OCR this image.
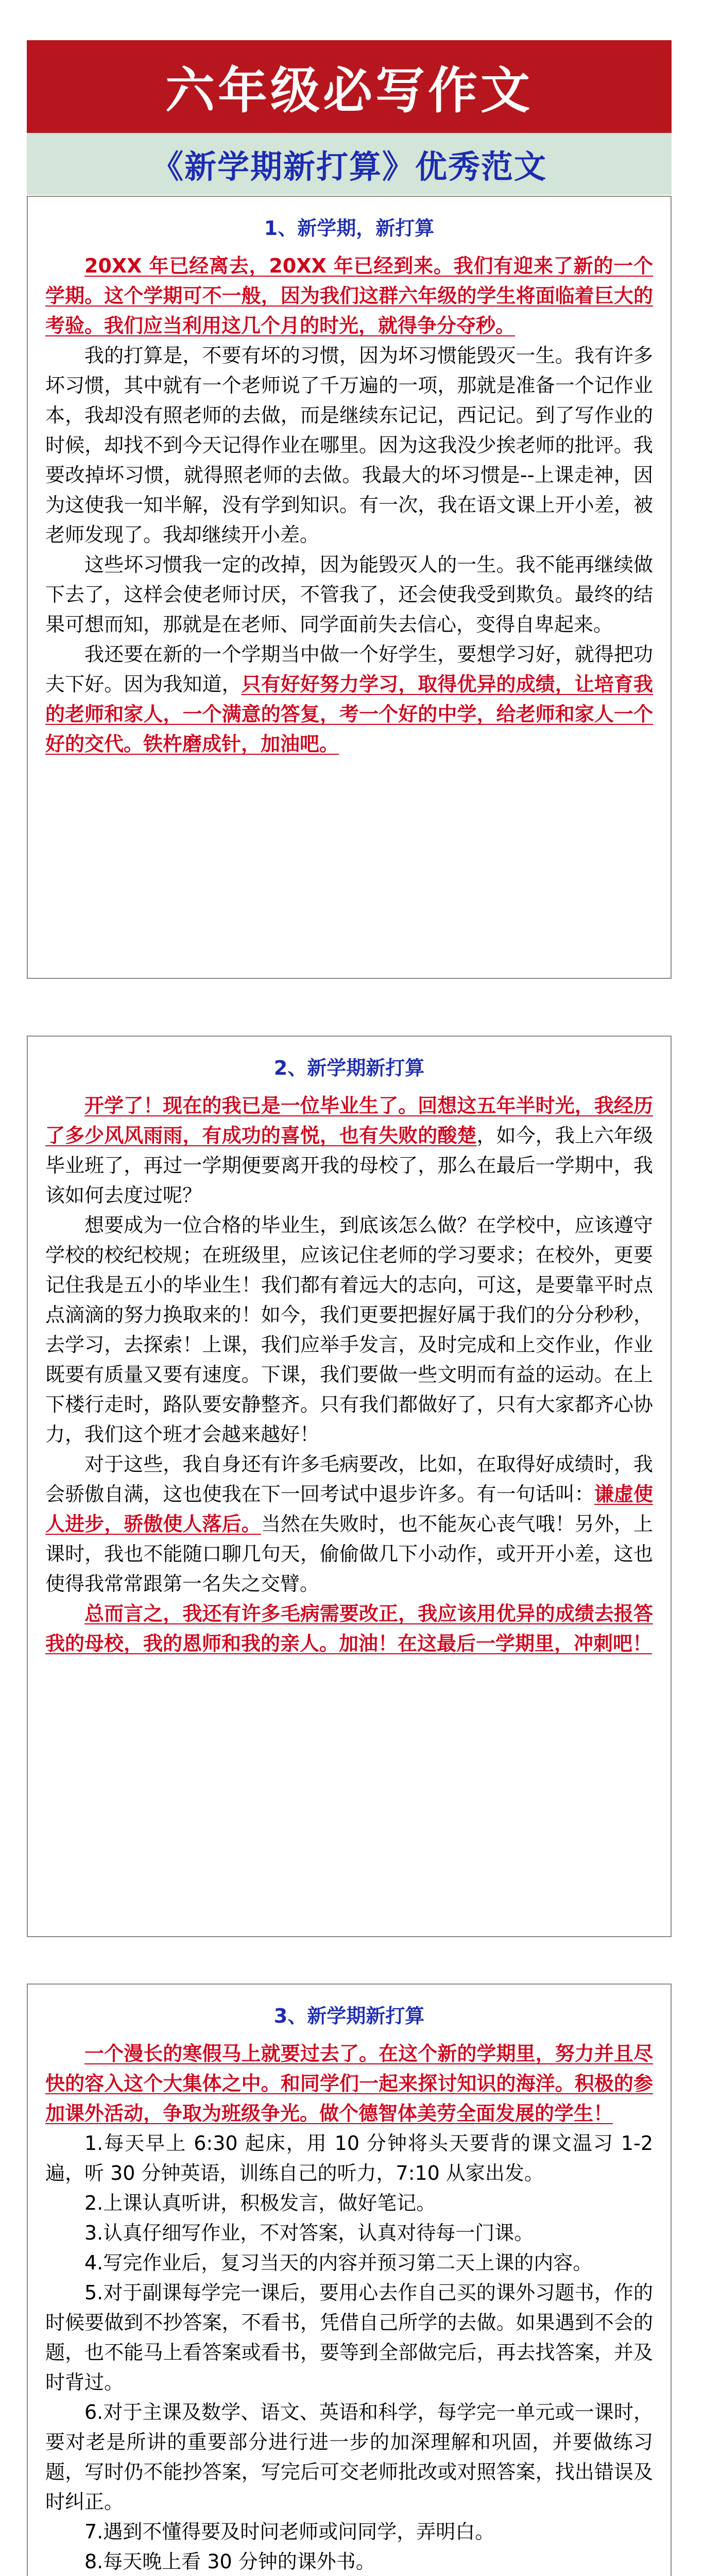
六年级必写作文
《新学期新打算》优秀范文
1、新学期，新打算

20XX 年已经离去，20XX 年已经到来。我们有迎来了新的一个学期。这个学期可不一般，因为我们这群六年级的学生将面临着巨大的考验。我们应当利用这几个月的时光，就得争分夺秒。

我的打算是，不要有坏的习惯，因为坏习惯能毁灭一生。我有许多坏习惯，其中就有一个老师说了千万遍的一项，那就是准备一个记作业本，我却没有照老师的去做，而是继续东记记，西记记。到了写作业的时候，却找不到今天记得作业在哪里。因为这我没少挨老师的批评。我要改掉坏习惯，就得照老师的去做。我最大的坏习惯是--上课走神，因为这使我一知半解，没有学到知识。有一次，我在语文课上开小差，被老师发现了。我却继续开小差。

这些坏习惯我一定的改掉，因为能毁灭人的一生。我不能再继续做下去了，这样会使老师讨厌，不管我了，还会使我受到欺负。最终的结果可想而知，那就是在老师、同学面前失去信心，变得自卑起来。

我还要在新的一个学期当中做一个好学生，要想学习好，就得把功夫下好。因为我知道，只有好好努力学习，取得优异的成绩，让培育我的老师和家人，一个满意的答复，考一个好的中学，给老师和家人一个好的交代。铁杵磨成针，加油吧。

2、新学期新打算

开学了！现在的我已是一位毕业生了。回想这五年半时光，我经历了多少风风雨雨，有成功的喜悦，也有失败的酸楚，如今，我上六年级毕业班了，再过一学期便要离开我的母校了，那么在最后一学期中，我该如何去度过呢？

想要成为一位合格的毕业生，到底该怎么做？在学校中，应该遵守学校的校纪校规；在班级里，应该记住老师的学习要求；在校外，更要记住我是五小的毕业生！我们都有着远大的志向，可这，是要靠平时点点滴滴的努力换取来的！如今，我们更要把握好属于我们的分分秒秒，去学习，去探索！上课，我们应举手发言，及时完成和上交作业，作业既要有质量又要有速度。下课，我们要做一些文明而有益的运动。在上下楼行走时，路队要安静整齐。只有我们都做好了，只有大家都齐心协力，我们这个班才会越来越好！

对于这些，我自身还有许多毛病要改，比如，在取得好成绩时，我会骄傲自满，这也使我在下一回考试中退步许多。有一句话叫：谦虚使人进步，骄傲使人落后。当然在失败时，也不能灰心丧气哦！另外，上课时，我也不能随口聊几句天，偷偷做几下小动作，或开开小差，这也使得我常常跟第一名失之交臂。

总而言之，我还有许多毛病需要改正，我应该用优异的成绩去报答我的母校，我的恩师和我的亲人。加油！在这最后一学期里，冲刺吧！

3、新学期新打算

一个漫长的寒假马上就要过去了。在这个新的学期里，努力并且尽快的容入这个大集体之中。和同学们一起来探讨知识的海洋。积极的参加课外活动，争取为班级争光。做个德智体美劳全面发展的学生！

1.每天早上 6:30 起床，用 10 分钟将头天要背的课文温习 1-2 遍，听 30 分钟英语，训练自己的听力，7:10 从家出发。

2.上课认真听讲，积极发言，做好笔记。

3.认真仔细写作业，不对答案，认真对待每一门课。

4.写完作业后，复习当天的内容并预习第二天上课的内容。

5.对于副课每学完一课后，要用心去作自己买的课外习题书，作的时候要做到不抄答案，不看书，凭借自己所学的去做。如果遇到不会的题，也不能马上看答案或看书，要等到全部做完后，再去找答案，并及时背过。

6.对于主课及数学、语文、英语和科学，每学完一单元或一课时，要对老是所讲的重要部分进行进一步的加深理解和巩固，并要做练习题，写时仍不能抄答案，写完后可交老师批改或对照答案，找出错误及时纠正。

7.遇到不懂得要及时问老师或问同学，弄明白。

8.每天晚上看 30 分钟的课外书。
